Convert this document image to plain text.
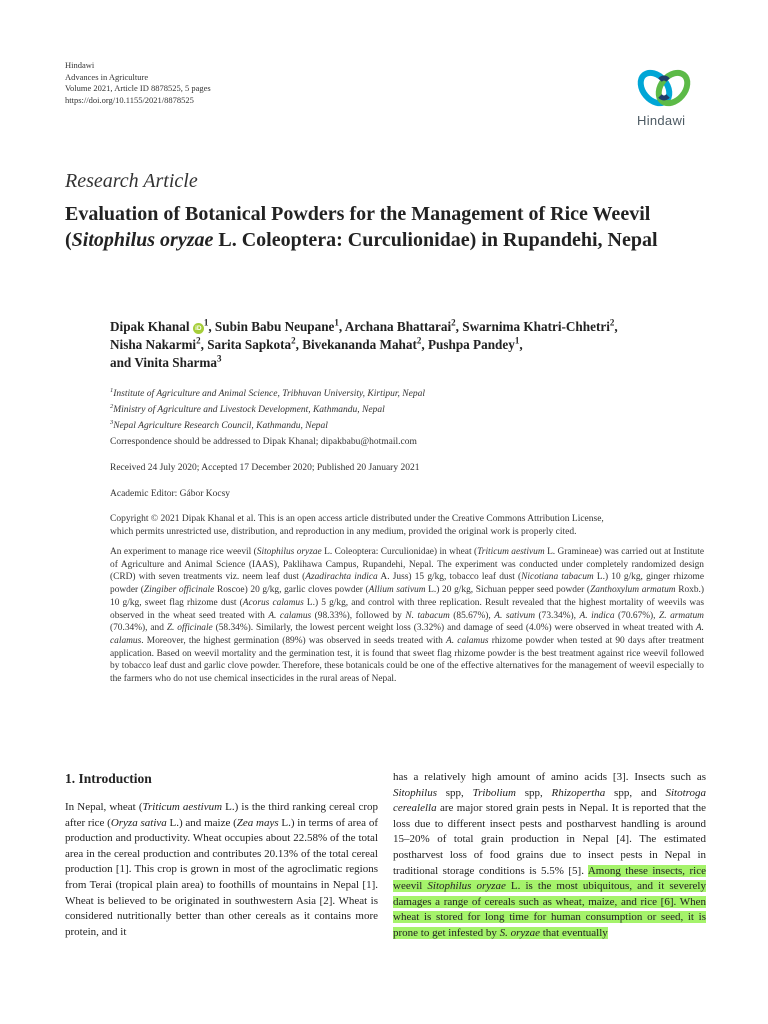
Hindawi
Advances in Agriculture
Volume 2021, Article ID 8878525, 5 pages
https://doi.org/10.1155/2021/8878525
Hindawi
Research Article
Evaluation of Botanical Powders for the Management of Rice Weevil (Sitophilus oryzae L. Coleoptera: Curculionidae) in Rupandehi, Nepal
Dipak Khanal $iD^1$, Subin Babu Neupane$^1$, Archana Bhattarai$^2$, Swarnima Khatri-Chhetri$^2$,
Nisha Nakarmi$^2$, Sarita Sapkota$^2$, Bivekananda Mahat$^2$, Pushpa Pandey$^1$,
and Vinita Sharma$^3$
$^1$Institute of Agriculture and Animal Science, Tribhuvan University, Kirtipur, Nepal
$^2$Ministry of Agriculture and Livestock Development, Kathmandu, Nepal
$^3$Nepal Agriculture Research Council, Kathmandu, Nepal
Correspondence should be addressed to Dipak Khanal; dipakbabu@hotmail.com
Received 24 July 2020; Accepted 17 December 2020; Published 20 January 2021
Academic Editor: Gábor Kocsy
Copyright © 2021 Dipak Khanal et al. This is an open access article distributed under the Creative Commons Attribution License,
which permits unrestricted use, distribution, and reproduction in any medium, provided the original work is properly cited.

An experiment to manage rice weevil (Sitophilus oryzae L. Coleoptera: Curculionidae) in wheat (Triticum aestivum L. Gramineae) was carried out at Institute of Agriculture and Animal Science (IAAS), Paklihawa Campus, Rupandehi, Nepal. The experiment was conducted under completely randomized design (CRD) with seven treatments viz. neem leaf dust (Azadirachta indica A. Juss) 15 g/kg, tobacco leaf dust (Nicotiana tabacum L.) 10 g/kg, ginger rhizome powder (Zingiber officinale Roscoe) 20 g/kg, garlic cloves powder (Allium sativum L.) 20 g/kg, Sichuan pepper seed powder (Zanthoxylum armatum Roxb.) 10 g/kg, sweet flag rhizome dust (Acorus calamus L.) 5 g/kg, and control with three replication. Result revealed that the highest mortality of weevils was observed in the wheat seed treated with A. calamus (98.33%), followed by N. tabacum (85.67%), A. sativum (73.34%), A. indica (70.67%), Z. armatum (70.34%), and Z. officinale (58.34%). Similarly, the lowest percent weight loss (3.32%) and damage of seed (4.0%) were observed in wheat treated with A. calamus. Moreover, the highest germination (89%) was observed in seeds treated with A. calamus rhizome powder when tested at 90 days after treatment application. Based on weevil mortality and the germination test, it is found that sweet flag rhizome powder is the best treatment against rice weevil followed by tobacco leaf dust and garlic clove powder. Therefore, these botanicals could be one of the effective alternatives for the management of weevil especially to the farmers who do not use chemical insecticides in the rural areas of Nepal.

1. Introduction

In Nepal, wheat (Triticum aestivum L.) is the third ranking cereal crop after rice (Oryza sativa L.) and maize (Zea mays L.) in terms of area of production and productivity. Wheat occupies about 22.58% of the total area in the cereal production and contributes 20.13% of the total cereal production [1]. This crop is grown in most of the agroclimatic regions from Terai (tropical plain area) to foothills of mountains in Nepal [1]. Wheat is believed to be originated in southwestern Asia [2]. Wheat is considered nutritionally better than other cereals as it contains more protein, and it

has a relatively high amount of amino acids [3]. Insects such as Sitophilus spp, Tribolium spp, Rhizopertha spp, and Sitotroga cerealella are major stored grain pests in Nepal. It is reported that the loss due to different insect pests and postharvest handling is around 15–20% of total grain production in Nepal [4]. The estimated postharvest loss of food grains due to insect pests in Nepal in traditional storage conditions is 5.5% [5]. Among these insects, rice weevil Sitophilus oryzae L. is the most ubiquitous, and it severely damages a range of cereals such as wheat, maize, and rice [6]. When wheat is stored for long time for human consumption or seed, it is prone to get infested by S. oryzae that eventually
